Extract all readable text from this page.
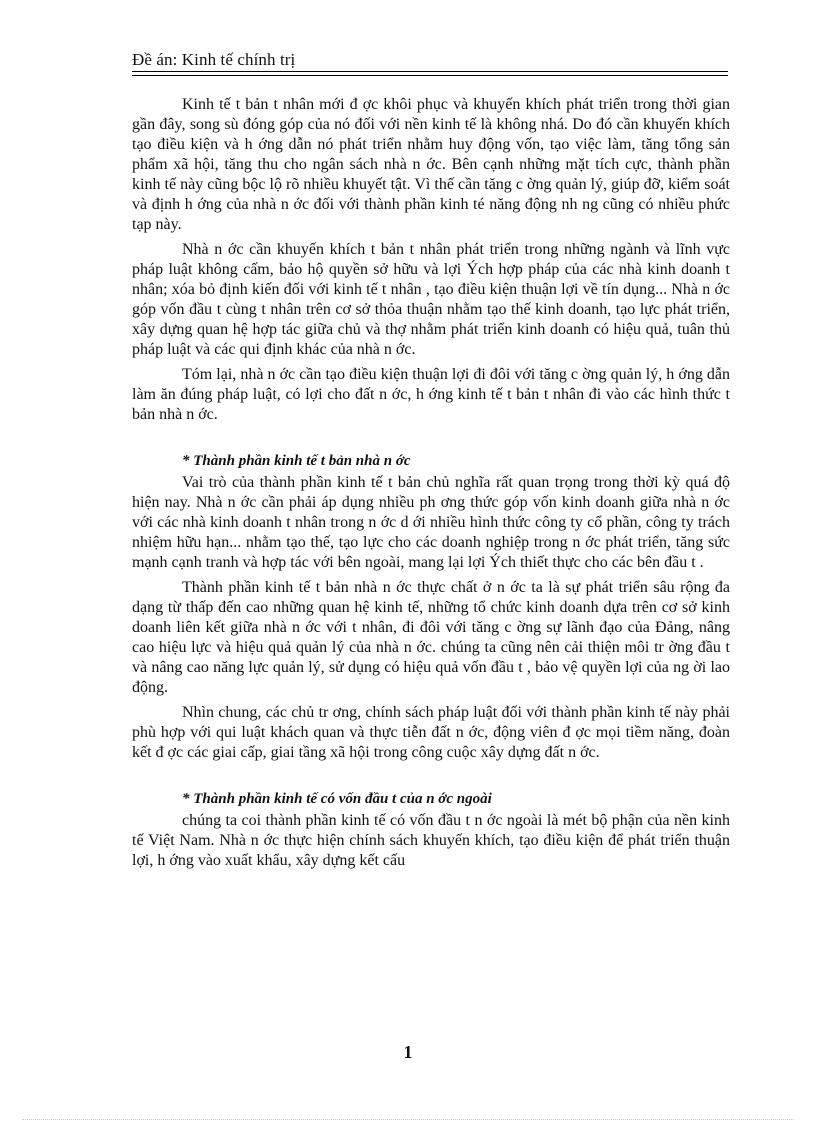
Đề án: Kinh tế chính trị

Kinh tế t bản t nhân mới đ ợc khôi phục và khuyến khích phát triển trong thời gian gần đây, song sù đóng góp của nó đối với nền kinh tế là không nhá. Do đó cần khuyến khích tạo điều kiện và h ớng dẫn nó phát triển nhằm huy động vốn, tạo việc làm, tăng tổng sản phẩm xã hội, tăng thu cho ngân sách nhà n ớc. Bên cạnh những mặt tích cực, thành phần kinh tế này cũng bộc lộ rõ nhiều khuyết tật. Vì thế cần tăng c ờng quản lý, giúp đỡ, kiểm soát và định h ớng của nhà n ớc đối với thành phần kinh té năng động nh ng cũng có nhiều phức tạp này.

Nhà n ớc cần khuyến khích t bản t nhân phát triển trong những ngành và lĩnh vực pháp luật không cấm, bảo hộ quyền sở hữu và lợi Ých hợp pháp của các nhà kinh doanh t nhân; xóa bỏ định kiến đối với kinh tế t nhân , tạo điều kiện thuận lợi về tín dụng... Nhà n ớc góp vốn đầu t cùng t nhân trên cơ sở thỏa thuận nhằm tạo thế kinh doanh, tạo lực phát triển, xây dựng quan hệ hợp tác giữa chủ và thợ nhằm phát triển kinh doanh có hiệu quả, tuân thủ pháp luật và các qui định khác của nhà n ớc.

Tóm lại, nhà n ớc cần tạo điều kiện thuận lợi đi đôi với tăng c ờng quản lý, h ớng dẫn làm ăn đúng pháp luật, có lợi cho đất n ớc, h ớng kinh tế t bản t nhân đi vào các hình thức t bản nhà n ớc.

* Thành phần kinh tế t bản nhà n ớc

Vai trò của thành phần kinh tế t bản chủ nghĩa rất quan trọng trong thời kỳ quá độ hiện nay. Nhà n ớc cần phải áp dụng nhiều ph ơng thức góp vốn kinh doanh giữa nhà n ớc với các nhà kinh doanh t nhân trong n ớc d ới nhiều hình thức công ty cổ phần, công ty trách nhiệm hữu hạn... nhằm tạo thế, tạo lực cho các doanh nghiệp trong n ớc phát triển, tăng sức mạnh cạnh tranh và hợp tác với bên ngoài, mang lại lợi Ých thiết thực cho các bên đầu t .

Thành phần kinh tế t bản nhà n ớc thực chất ở n ớc ta là sự phát triển sâu rộng đa dạng từ thấp đến cao những quan hệ kinh tế, những tổ chức kinh doanh dựa trên cơ sở kinh doanh liên kết giữa nhà n ớc với t nhân, đi đôi với tăng c ờng sự lãnh đạo của Đảng, nâng cao hiệu lực và hiệu quả quản lý của nhà n ớc. chúng ta cũng nên cải thiện môi tr ờng đầu t và nâng cao năng lực quản lý, sử dụng có hiệu quả vốn đầu t , bảo vệ quyền lợi của ng ời lao động.

Nhìn chung, các chủ tr ơng, chính sách pháp luật đối với thành phần kinh tế này phải phù hợp với qui luật khách quan và thực tiễn đất n ớc, động viên đ ợc mọi tiềm năng, đoàn kết đ ợc các giai cấp, giai tầng xã hội trong công cuộc xây dựng đất n ớc.

* Thành phần kinh tế có vốn đầu t của n ớc ngoài

chúng ta coi thành phần kinh tế có vốn đầu t n ớc ngoài là mét bộ phận của nền kinh tế Việt Nam. Nhà n ớc thực hiện chính sách khuyến khích, tạo điều kiện để phát triển thuận lợi, h ớng vào xuất khẩu, xây dựng kết cấu

1
